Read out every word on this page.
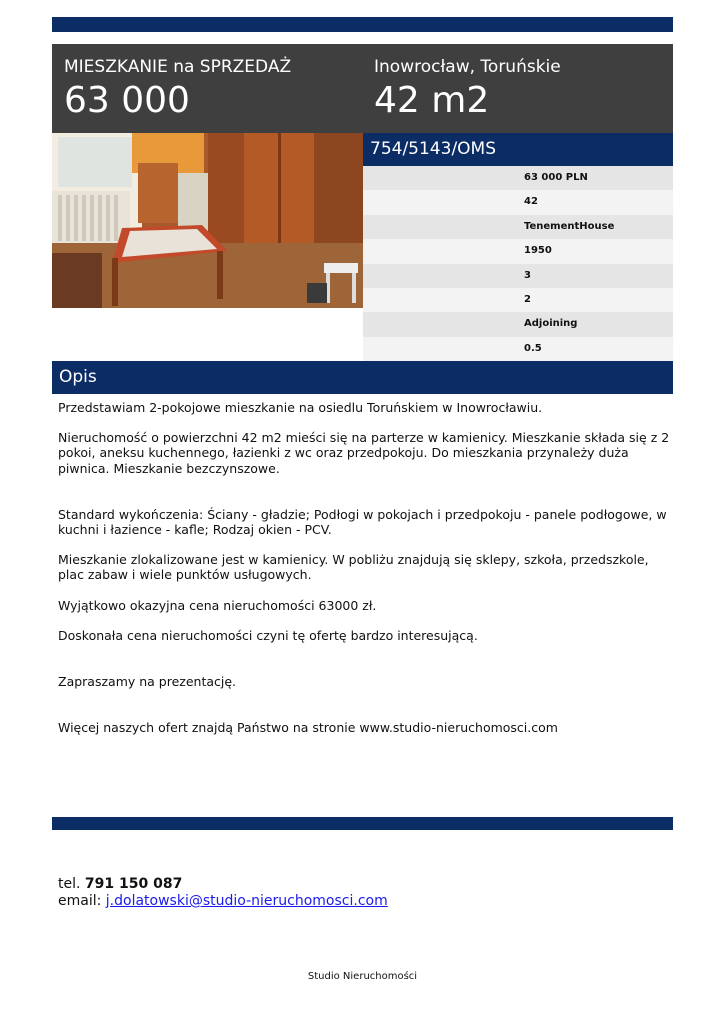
MIESZKANIE na SPRZEDAŻ
63 000
Inowrocław, Toruńskie
42 m2
754/5143/OMS
63 000 PLN
42
TenementHouse
1950
3
2
Adjoining
0.5
Opis

Przedstawiam 2-pokojowe mieszkanie na osiedlu Toruńskiem w Inowrocławiu.

Nieruchomość o powierzchni 42 m2 mieści się na parterze w kamienicy. Mieszkanie składa się z 2 pokoi, aneksu kuchennego, łazienki z wc oraz przedpokoju. Do mieszkania przynależy duża piwnica. Mieszkanie bezczynszowe.

Standard wykończenia: Ściany - gładzie; Podłogi w pokojach i przedpokoju - panele podłogowe, w kuchni i łazience - kafle; Rodzaj okien - PCV.

Mieszkanie zlokalizowane jest w kamienicy. W pobliżu znajdują się sklepy, szkoła, przedszkole, plac zabaw i wiele punktów usługowych.

Wyjątkowo okazyjna cena nieruchomości 63000 zł.

Doskonała cena nieruchomości czyni tę ofertę bardzo interesującą.

Zapraszamy na prezentację.

Więcej naszych ofert znajdą Państwo na stronie www.studio-nieruchomosci.com

tel. 791 150 087
email: j.dolatowski@studio-nieruchomosci.com
Studio Nieruchomości
